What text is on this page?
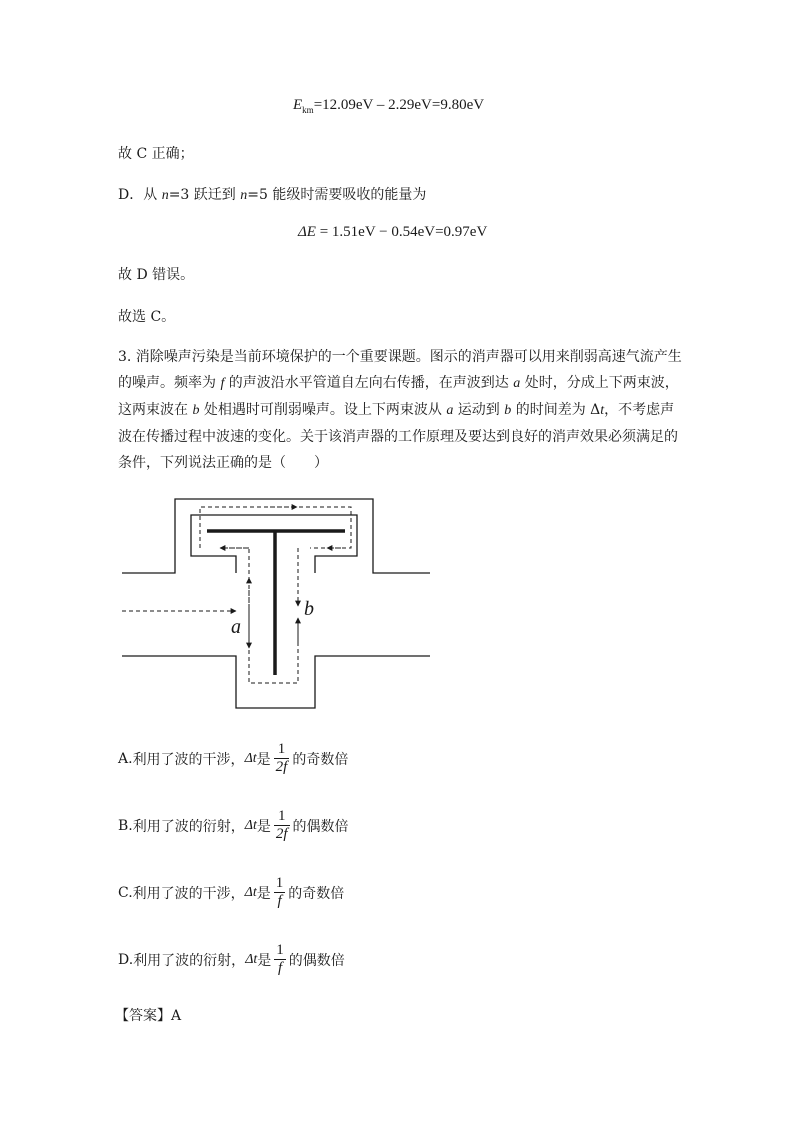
$E_{km}=12.09eV - 2.29eV=9.80eV$
故 C 正确；
D．从 n=3 跃迁到 n=5 能级时需要吸收的能量为
ΔE = 1.51eV − 0.54eV=0.97eV
故 D 错误。
故选 C。
3. 消除噪声污染是当前环境保护的一个重要课题。图示的消声器可以用来削弱高速气流产生的噪声。频率为 f 的声波沿水平管道自左向右传播，在声波到达 a 处时，分成上下两束波，这两束波在 b 处相遇时可削弱噪声。设上下两束波从 a 运动到 b 的时间差为 Δt，不考虑声波在传播过程中波速的变化。关于该消声器的工作原理及要达到良好的消声效果必须满足的条件，下列说法正确的是（　　）
a
b
A. 利用了波的干涉， Δt 是 $\frac{1}{2f}$ 的奇数倍
B. 利用了波的衍射， Δt 是 $\frac{1}{2f}$ 的偶数倍
C. 利用了波的干涉， Δt 是 $\frac{1}{f}$ 的奇数倍
D. 利用了波的衍射， Δt 是 $\frac{1}{f}$ 的偶数倍
【答案】A
